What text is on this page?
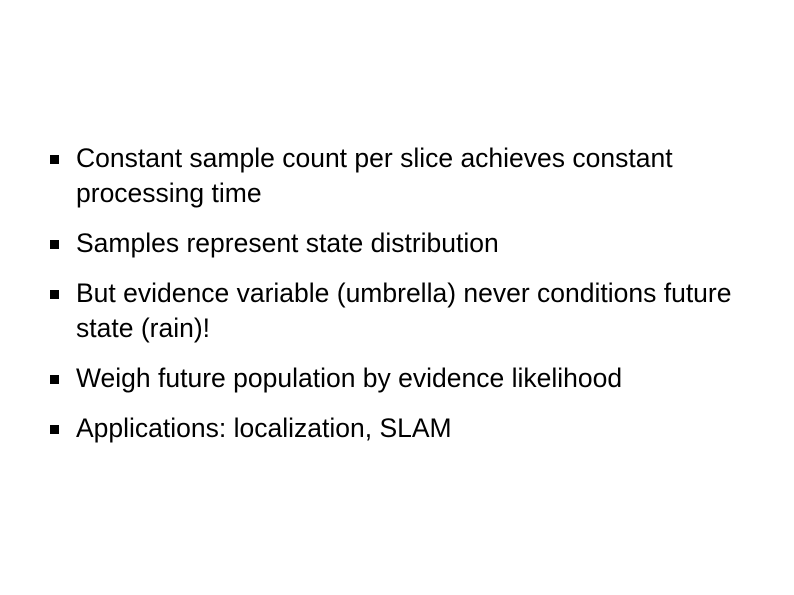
Constant sample count per slice achieves constant processing time
Samples represent state distribution
But evidence variable (umbrella) never conditions future state (rain)!
Weigh future population by evidence likelihood
Applications: localization, SLAM
